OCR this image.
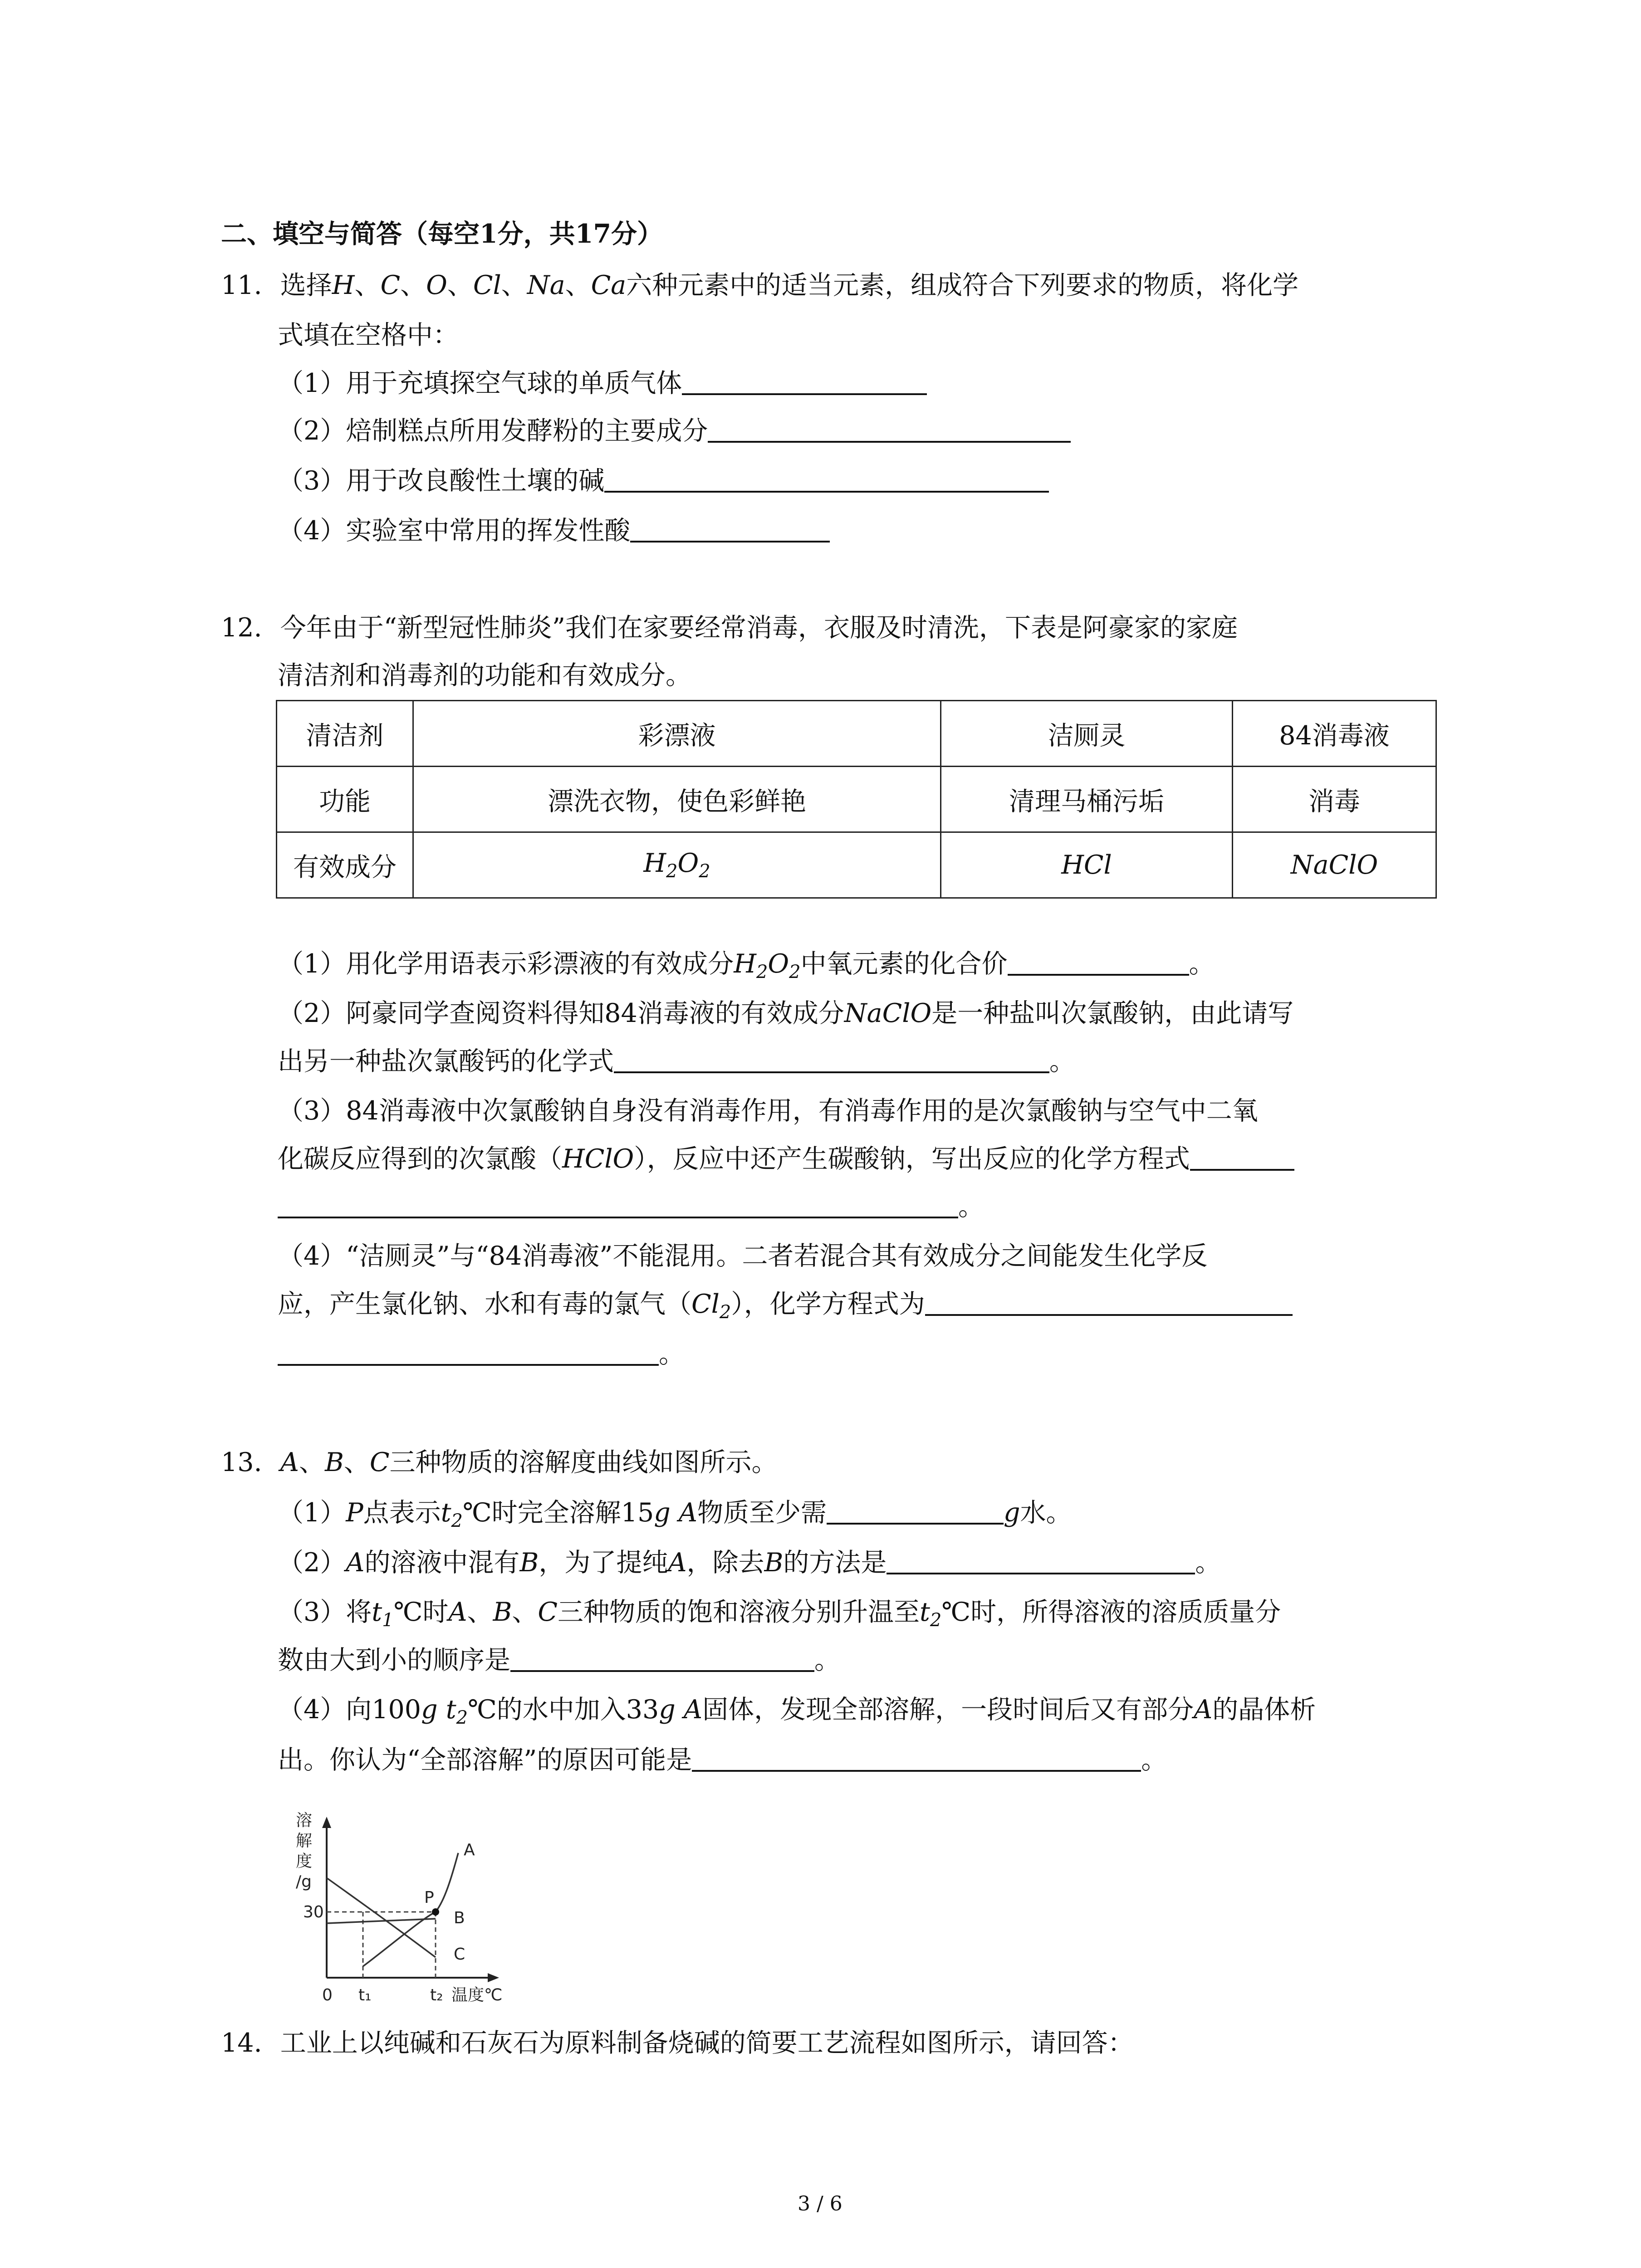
二、填空与简答（每空1分，共17分）
11. 选择H、C、O、Cl、Na、Ca六种元素中的适当元素，组成符合下列要求的物质，将化学
式填在空格中：
（1）用于充填探空气球的单质气体
（2）焙制糕点所用发酵粉的主要成分
（3）用于改良酸性土壤的碱
（4）实验室中常用的挥发性酸
12. 今年由于“新型冠性肺炎”我们在家要经常消毒，衣服及时清洗，下表是阿豪家的家庭
清洁剂和消毒剂的功能和有效成分。
清洁剂	彩漂液	洁厕灵	84消毒液
功能	漂洗衣物，使色彩鲜艳	清理马桶污垢	消毒
有效成分	$H_2O_2$	HCl	NaClO
（1）用化学用语表示彩漂液的有效成分$H_2O_2$中氧元素的化合价	。
（2）阿豪同学查阅资料得知84消毒液的有效成分NaClO是一种盐叫次氯酸钠，由此请写
出另一种盐次氯酸钙的化学式	。
（3）84消毒液中次氯酸钠自身没有消毒作用，有消毒作用的是次氯酸钠与空气中二氧
化碳反应得到的次氯酸（HClO），反应中还产生碳酸钠，写出反应的化学方程式
。
（4）“洁厕灵”与“84消毒液”不能混用。二者若混合其有效成分之间能发生化学反
应，产生氯化钠、水和有毒的氯气$(Cl_2)$，化学方程式为
。
13. A、B、C三种物质的溶解度曲线如图所示。
（1）P点表示$t_2℃$时完全溶解15g A物质至少需	g水。
（2）A的溶液中混有B，为了提纯A，除去B的方法是	。
（3）将$t_1℃$时A、B、C三种物质的饱和溶液分别升温至$t_2℃$时，所得溶液的溶质质量分
数由大到小的顺序是	。
（4）向100g $t_2℃$的水中加入33g A固体，发现全部溶解，一段时间后又有部分A的晶体析
出。你认为“全部溶解”的原因可能是	。
溶
解
度
/g
30
P
A
B
C
0 t₁	t₂ 温度℃
14. 工业上以纯碱和石灰石为原料制备烧碱的简要工艺流程如图所示，请回答：
3 / 6
